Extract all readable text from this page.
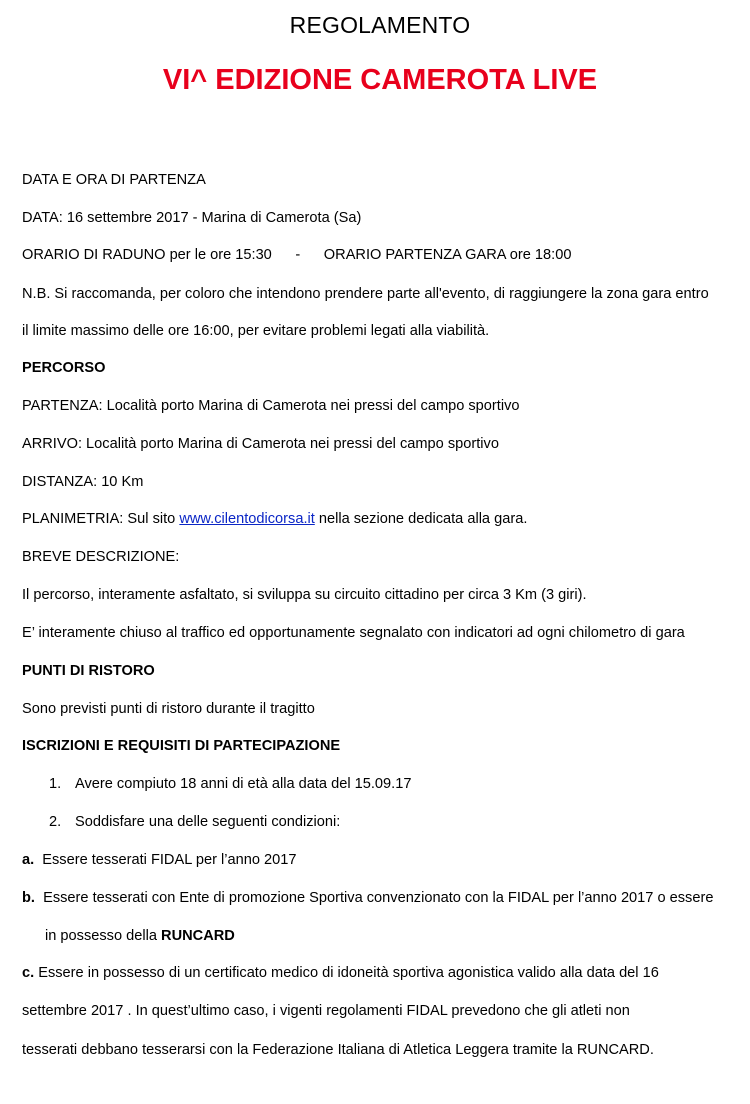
REGOLAMENTO
VI^ EDIZIONE CAMEROTA LIVE
DATA E ORA DI PARTENZA
DATA: 16 settembre 2017 - Marina di Camerota (Sa)
ORARIO DI RADUNO per le ore 15:30 - ORARIO PARTENZA GARA ore 18:00
N.B. Si raccomanda, per coloro che intendono prendere parte all'evento, di raggiungere la zona gara entro
il limite massimo delle ore 16:00, per evitare problemi legati alla viabilità.
PERCORSO
PARTENZA: Località porto Marina di Camerota nei pressi del campo sportivo
ARRIVO: Località porto Marina di Camerota nei pressi del campo sportivo
DISTANZA: 10 Km
PLANIMETRIA: Sul sito www.cilentodicorsa.it nella sezione dedicata alla gara.
BREVE DESCRIZIONE:
Il percorso, interamente asfaltato, si sviluppa su circuito cittadino per circa 3 Km (3 giri).
E’ interamente chiuso al traffico ed opportunamente segnalato con indicatori ad ogni chilometro di gara
PUNTI DI RISTORO
Sono previsti punti di ristoro durante il tragitto
ISCRIZIONI E REQUISITI DI PARTECIPAZIONE
1. Avere compiuto 18 anni di età alla data del 15.09.17
2. Soddisfare una delle seguenti condizioni:
a. Essere tesserati FIDAL per l’anno 2017
b. Essere tesserati con Ente di promozione Sportiva convenzionato con la FIDAL per l’anno 2017 o essere
in possesso della RUNCARD
c. Essere in possesso di un certificato medico di idoneità sportiva agonistica valido alla data del 16
settembre 2017 . In quest’ultimo caso, i vigenti regolamenti FIDAL prevedono che gli atleti non
tesserati debbano tesserarsi con la Federazione Italiana di Atletica Leggera tramite la RUNCARD.
